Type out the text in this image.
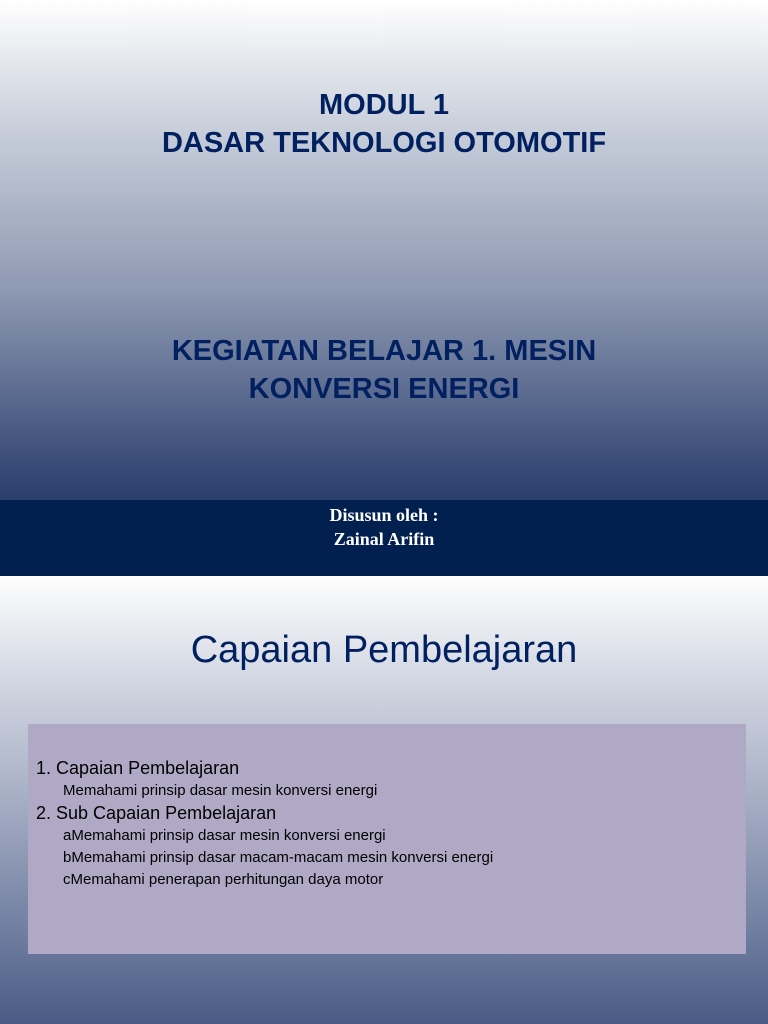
MODUL 1
DASAR TEKNOLOGI OTOMOTIF
KEGIATAN BELAJAR 1. MESIN
KONVERSI ENERGI
Disusun oleh :
Zainal Arifin
Capaian Pembelajaran
1. Capaian Pembelajaran
Memahami prinsip dasar mesin konversi energi
2. Sub Capaian Pembelajaran
aMemahami prinsip dasar mesin konversi energi
bMemahami prinsip dasar macam-macam mesin konversi energi
cMemahami penerapan perhitungan daya motor
